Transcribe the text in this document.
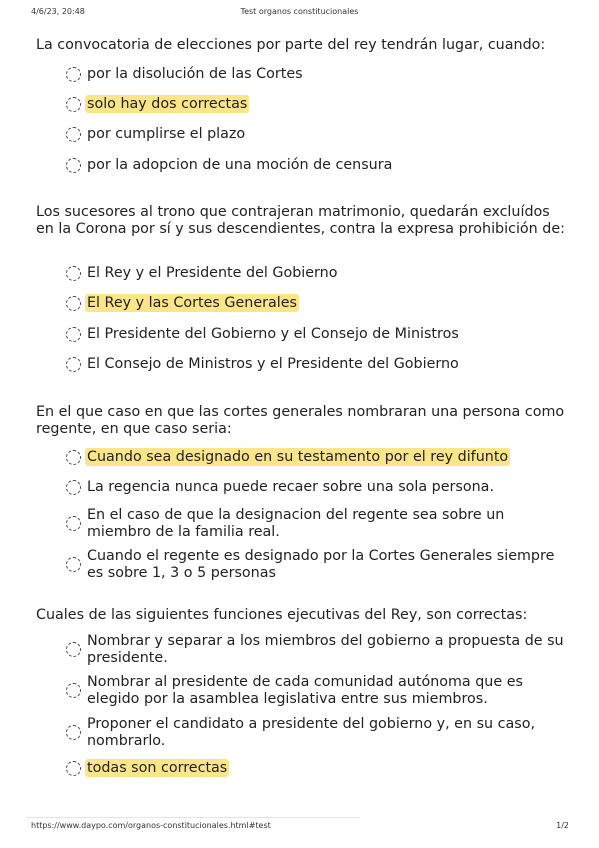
4/6/23, 20:48	Test organos constitucionales
La convocatoria de elecciones por parte del rey tendrán lugar, cuando:
por la disolución de las Cortes
solo hay dos correctas
por cumplirse el plazo
por la adopcion de una moción de censura
Los sucesores al trono que contrajeran matrimonio, quedarán excluídos en la Corona por sí y sus descendientes, contra la expresa prohibición de:
El Rey y el Presidente del Gobierno
El Rey y las Cortes Generales
El Presidente del Gobierno y el Consejo de Ministros
El Consejo de Ministros y el Presidente del Gobierno
En el que caso en que las cortes generales nombraran una persona como regente, en que caso seria:
Cuando sea designado en su testamento por el rey difunto
La regencia nunca puede recaer sobre una sola persona.
En el caso de que la designacion del regente sea sobre un miembro de la familia real.
Cuando el regente es designado por la Cortes Generales siempre es sobre 1, 3 o 5 personas
Cuales de las siguientes funciones ejecutivas del Rey, son correctas:
Nombrar y separar a los miembros del gobierno a propuesta de su presidente.
Nombrar al presidente de cada comunidad autónoma que es elegido por la asamblea legislativa entre sus miembros.
Proponer el candidato a presidente del gobierno y, en su caso, nombrarlo.
todas son correctas
https://www.daypo.com/organos-constitucionales.html#test	1/2
